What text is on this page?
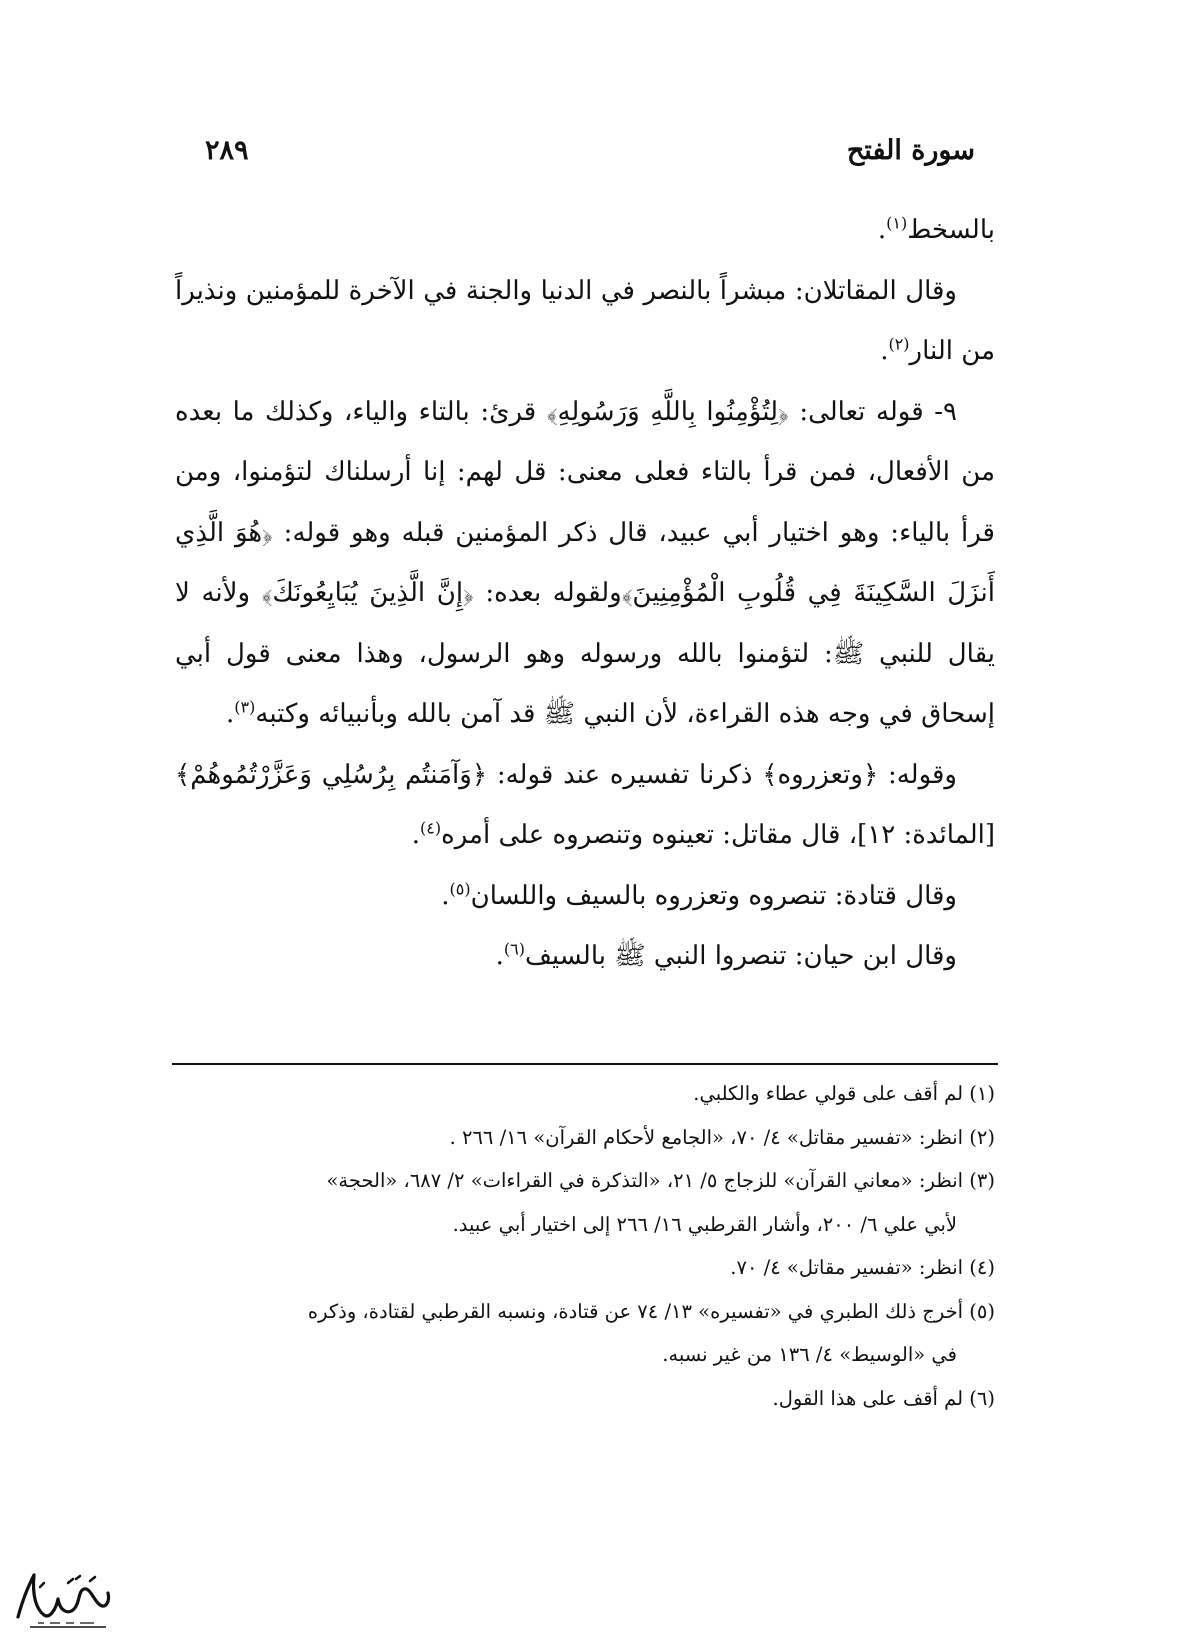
سورة الفتح
٢٨٩

بالسخط$^{(١)}$.

وقال المقاتلان: مبشراً بالنصر في الدنيا والجنة في الآخرة للمؤمنين ونذيراً من النار$^{(٢)}$.

٩- قوله تعالى: ﴿لِتُؤْمِنُوا بِاللَّهِ وَرَسُولِهِ﴾ قرئ: بالتاء والياء، وكذلك ما بعده من الأفعال، فمن قرأ بالتاء فعلى معنى: قل لهم: إنا أرسلناك لتؤمنوا، ومن قرأ بالياء: وهو اختيار أبي عبيد، قال ذكر المؤمنين قبله وهو قوله: ﴿هُوَ الَّذِي أَنزَلَ السَّكِينَةَ فِي قُلُوبِ الْمُؤْمِنِينَ﴾ولقوله بعده: ﴿إِنَّ الَّذِينَ يُبَايِعُونَكَ﴾ ولأنه لا يقال للنبي ﷺ: لتؤمنوا بالله ورسوله وهو الرسول، وهذا معنى قول أبي إسحاق في وجه هذه القراءة، لأن النبي ﷺ قد آمن بالله وبأنبيائه وكتبه$^{(٣)}$.

وقوله: ﴿وتعزروه﴾ ذكرنا تفسيره عند قوله: ﴿وَآمَنتُم بِرُسُلِي وَعَزَّرْتُمُوهُمْ﴾ [المائدة: ١٢]، قال مقاتل: تعينوه وتنصروه على أمره$^{(٤)}$.

وقال قتادة: تنصروه وتعزروه بالسيف واللسان$^{(٥)}$.

وقال ابن حيان: تنصروا النبي ﷺ بالسيف$^{(٦)}$.

(١) لم أقف على قولي عطاء والكلبي.

(٢) انظر: «تفسير مقاتل» ٤/ ٧٠، «الجامع لأحكام القرآن» ١٦/ ٢٦٦ .

(٣) انظر: «معاني القرآن» للزجاج ٥/ ٢١، «التذكرة في القراءات» ٢/ ٦٨٧، «الحجة»

لأبي علي ٦/ ٢٠٠، وأشار القرطبي ١٦/ ٢٦٦ إلى اختيار أبي عبيد.

(٤) انظر: «تفسير مقاتل» ٤/ ٧٠.

(٥) أخرج ذلك الطبري في «تفسيره» ١٣/ ٧٤ عن قتادة، ونسبه القرطبي لقتادة، وذكره

في «الوسيط» ٤/ ١٣٦ من غير نسبه.

(٦) لم أقف على هذا القول.
